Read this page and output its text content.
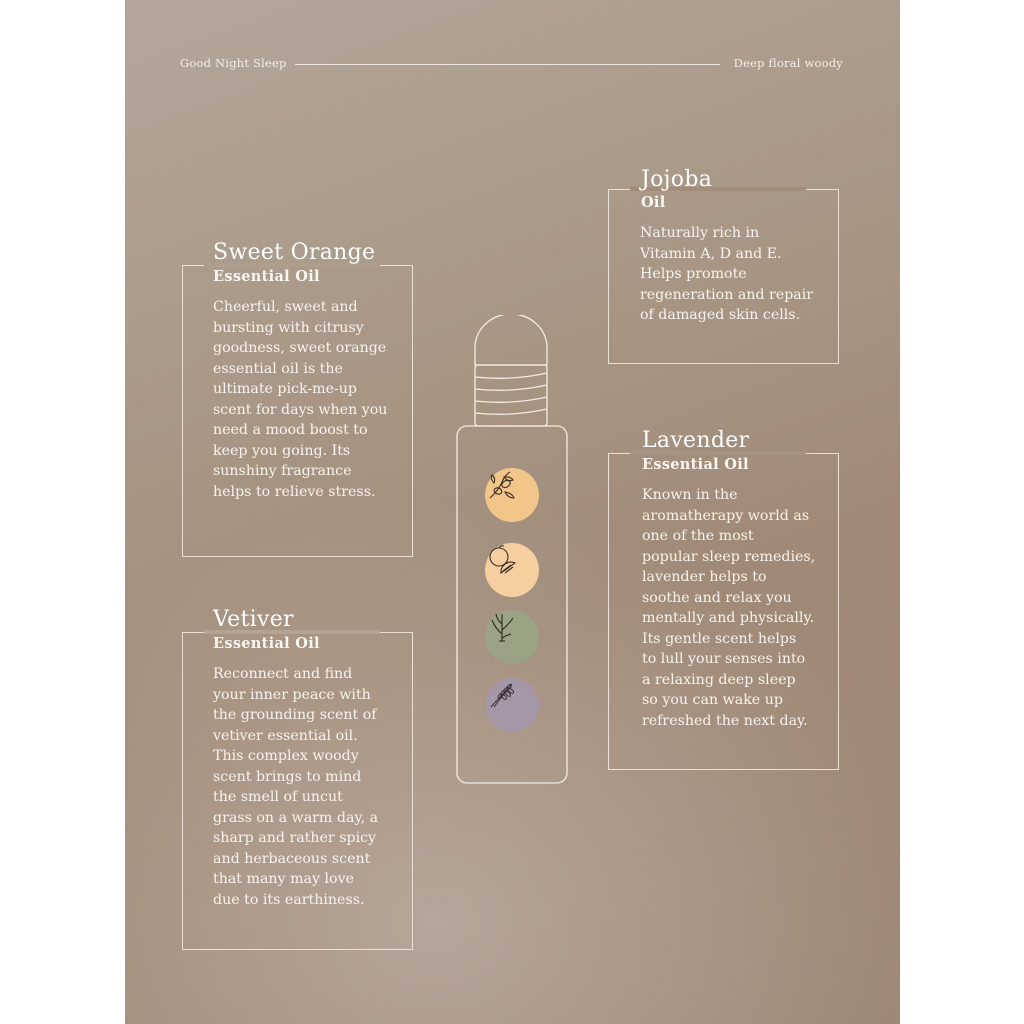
Good Night Sleep	Deep floral woody
Jojoba
Oil
Naturally rich in
Vitamin A, D and E.
Helps promote
regeneration and repair
of damaged skin cells.
Sweet Orange
Essential Oil
Cheerful, sweet and
bursting with citrusy
goodness, sweet orange
essential oil is the
ultimate pick-me-up
scent for days when you
need a mood boost to
keep you going. Its
sunshiny fragrance
helps to relieve stress.
Lavender
Essential Oil
Known in the
aromatherapy world as
one of the most
popular sleep remedies,
lavender helps to
soothe and relax you
mentally and physically.
Its gentle scent helps
to lull your senses into
a relaxing deep sleep
so you can wake up
refreshed the next day.
Vetiver
Essential Oil
Reconnect and find
your inner peace with
the grounding scent of
vetiver essential oil.
This complex woody
scent brings to mind
the smell of uncut
grass on a warm day, a
sharp and rather spicy
and herbaceous scent
that many may love
due to its earthiness.
